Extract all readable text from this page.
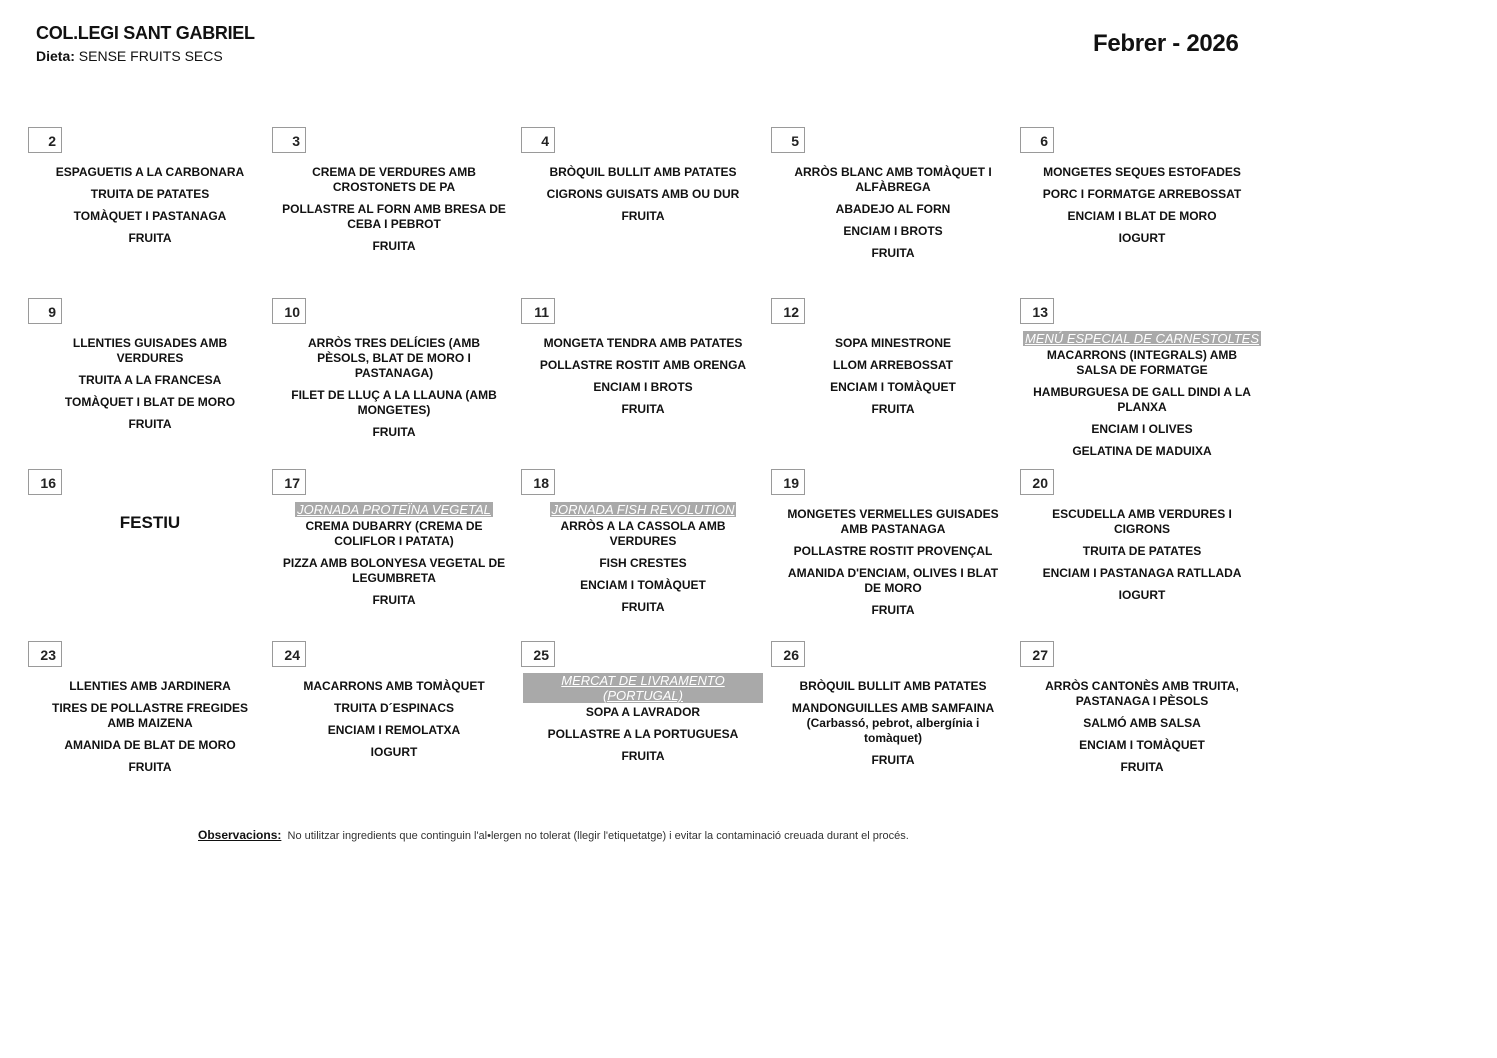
COL.LEGI SANT GABRIEL
Dieta: SENSE FRUITS SECS	Febrer - 2026
2
ESPAGUETIS A LA CARBONARA
TRUITA DE PATATES
TOMÀQUET I PASTANAGA
FRUITA
3
CREMA DE VERDURES AMB CROSTONETS DE PA
POLLASTRE AL FORN AMB BRESA DE CEBA I PEBROT
FRUITA
4
BRÒQUIL BULLIT AMB PATATES
CIGRONS GUISATS AMB OU DUR
FRUITA
5
ARRÒS BLANC AMB TOMÀQUET I ALFÀBREGA
ABADEJO AL FORN
ENCIAM I BROTS
FRUITA
6
MONGETES SEQUES ESTOFADES
PORC I FORMATGE ARREBOSSAT
ENCIAM I BLAT DE MORO
IOGURT
9
LLENTIES GUISADES AMB VERDURES
TRUITA A LA FRANCESA
TOMÀQUET I BLAT DE MORO
FRUITA
10
ARRÒS TRES DELÍCIES (AMB PÈSOLS, BLAT DE MORO I PASTANAGA)
FILET DE LLUÇ A LA LLAUNA (AMB MONGETES)
FRUITA
11
MONGETA TENDRA AMB PATATES
POLLASTRE ROSTIT AMB ORENGA
ENCIAM I BROTS
FRUITA
12
SOPA MINESTRONE
LLOM ARREBOSSAT
ENCIAM I TOMÀQUET
FRUITA
13
MENÚ ESPECIAL DE CARNESTOLTES
MACARRONS (INTEGRALS) AMB SALSA DE FORMATGE
HAMBURGUESA DE GALL DINDI A LA PLANXA
ENCIAM I OLIVES
GELATINA DE MADUIXA
16
FESTIU
17
JORNADA PROTEÏNA VEGETAL
CREMA DUBARRY (CREMA DE COLIFLOR I PATATA)
PIZZA AMB BOLONYESA VEGETAL DE LEGUMBRETA
FRUITA
18
JORNADA FISH REVOLUTION
ARRÒS A LA CASSOLA AMB VERDURES
FISH CRESTES
ENCIAM I TOMÀQUET
FRUITA
19
MONGETES VERMELLES GUISADES AMB PASTANAGA
POLLASTRE ROSTIT PROVENÇAL
AMANIDA D'ENCIAM, OLIVES I BLAT DE MORO
FRUITA
20
ESCUDELLA AMB VERDURES I CIGRONS
TRUITA DE PATATES
ENCIAM I PASTANAGA RATLLADA
IOGURT
23
LLENTIES AMB JARDINERA
TIRES DE POLLASTRE FREGIDES AMB MAIZENA
AMANIDA DE BLAT DE MORO
FRUITA
24
MACARRONS AMB TOMÀQUET
TRUITA D´ESPINACS
ENCIAM I REMOLATXA
IOGURT
25
MERCAT DE LIVRAMENTO (PORTUGAL)
SOPA A LAVRADOR
POLLASTRE A LA PORTUGUESA
FRUITA
26
BRÒQUIL BULLIT AMB PATATES
MANDONGUILLES AMB SAMFAINA (Carbassó, pebrot, albergínia i tomàquet)
FRUITA
27
ARRÒS CANTONÈS AMB TRUITA, PASTANAGA I PÈSOLS
SALMÓ AMB SALSA
ENCIAM I TOMÀQUET
FRUITA
Observacions: No utilitzar ingredients que continguin l'al•lergen no tolerat (llegir l'etiquetatge) i evitar la contaminació creuada durant el procés.
